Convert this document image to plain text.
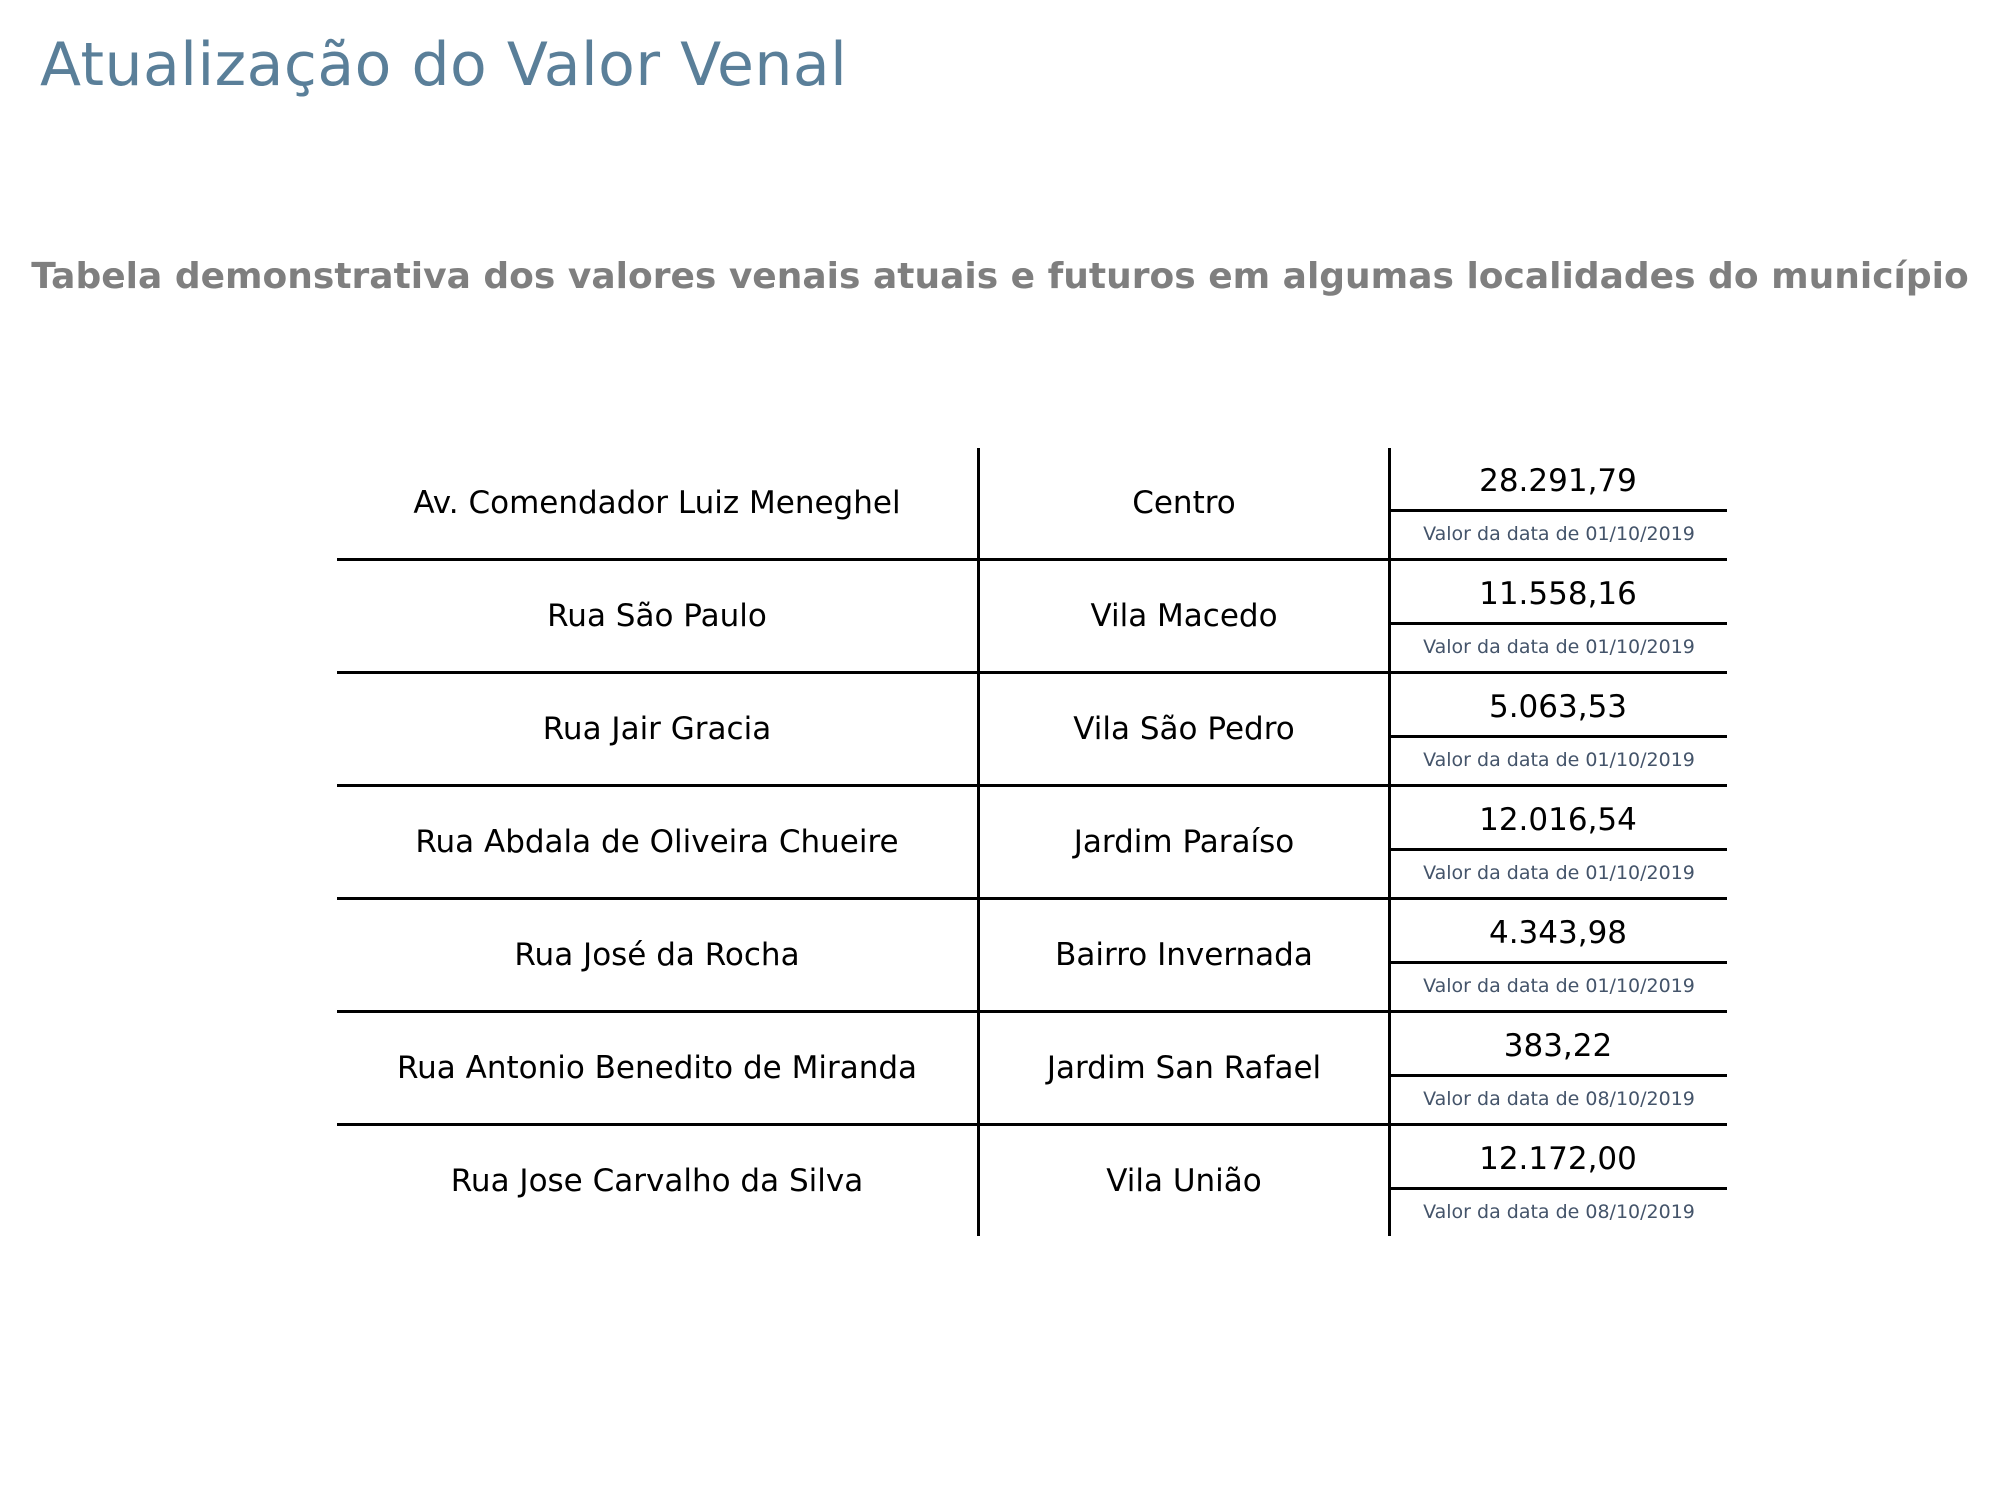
Atualização do Valor Venal
Tabela demonstrativa dos valores venais atuais e futuros em algumas localidades do município
Av. Comendador Luiz Meneghel	Centro	28.291,79
Valor da data de 01/10/2019

Rua São Paulo	Vila Macedo	11.558,16
Valor da data de 01/10/2019

Rua Jair Gracia	Vila São Pedro	5.063,53
Valor da data de 01/10/2019

Rua Abdala de Oliveira Chueire	Jardim Paraíso	12.016,54
Valor da data de 01/10/2019

Rua José da Rocha	Bairro Invernada	4.343,98
Valor da data de 01/10/2019

Rua Antonio Benedito de Miranda	Jardim San Rafael	383,22
Valor da data de 08/10/2019

Rua Jose Carvalho da Silva	Vila União	12.172,00
Valor da data de 08/10/2019
